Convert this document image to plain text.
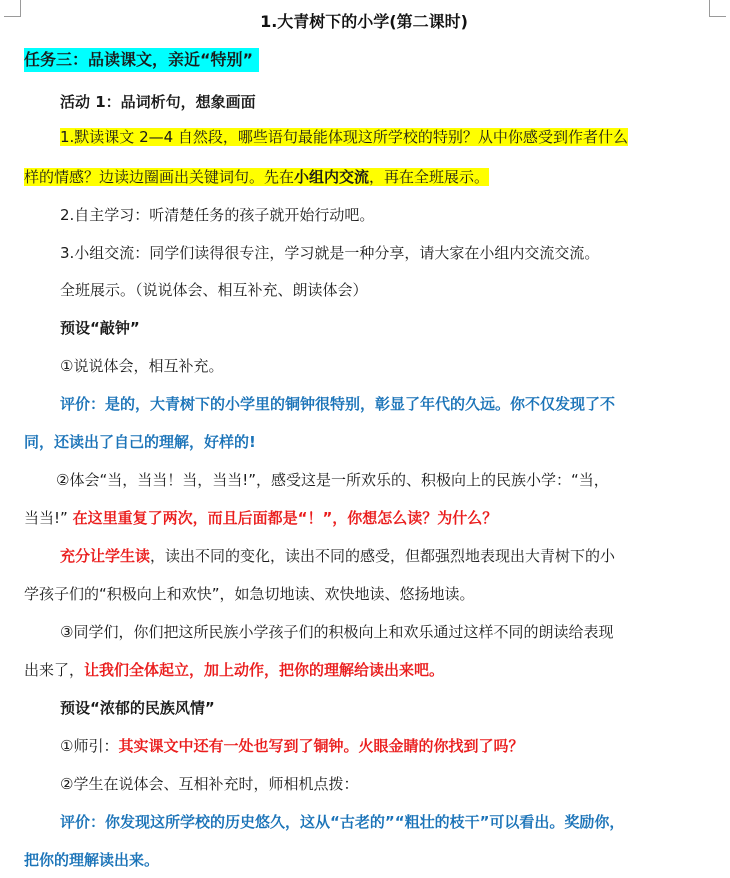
1.大青树下的小学(第二课时)
任务三：品读课文，亲近“特别”
活动 1：品词析句，想象画面
1.默读课文 2—4 自然段，哪些语句最能体现这所学校的特别？从中你感受到作者什么
样的情感？边读边圈画出关键词句。先在小组内交流，再在全班展示。
2.自主学习：听清楚任务的孩子就开始行动吧。
3.小组交流：同学们读得很专注，学习就是一种分享，请大家在小组内交流交流。
全班展示。（说说体会、相互补充、朗读体会）
预设“敲钟”
①说说体会，相互补充。
评价：是的，大青树下的小学里的铜钟很特别，彰显了年代的久远。你不仅发现了不
同，还读出了自己的理解，好样的!
②体会“当，当当！当，当当!”，感受这是一所欢乐的、积极向上的民族小学：“当，
当当!” 在这里重复了两次，而且后面都是“！”，你想怎么读？为什么？
充分让学生读，读出不同的变化，读出不同的感受，但都强烈地表现出大青树下的小
学孩子们的“积极向上和欢快”，如急切地读、欢快地读、悠扬地读。
③同学们，你们把这所民族小学孩子们的积极向上和欢乐通过这样不同的朗读给表现
出来了，让我们全体起立，加上动作，把你的理解给读出来吧。
预设“浓郁的民族风情”
①师引：其实课文中还有一处也写到了铜钟。火眼金睛的你找到了吗？
②学生在说体会、互相补充时，师相机点拨：
评价：你发现这所学校的历史悠久，这从“古老的”“粗壮的枝干”可以看出。奖励你，
把你的理解读出来。
